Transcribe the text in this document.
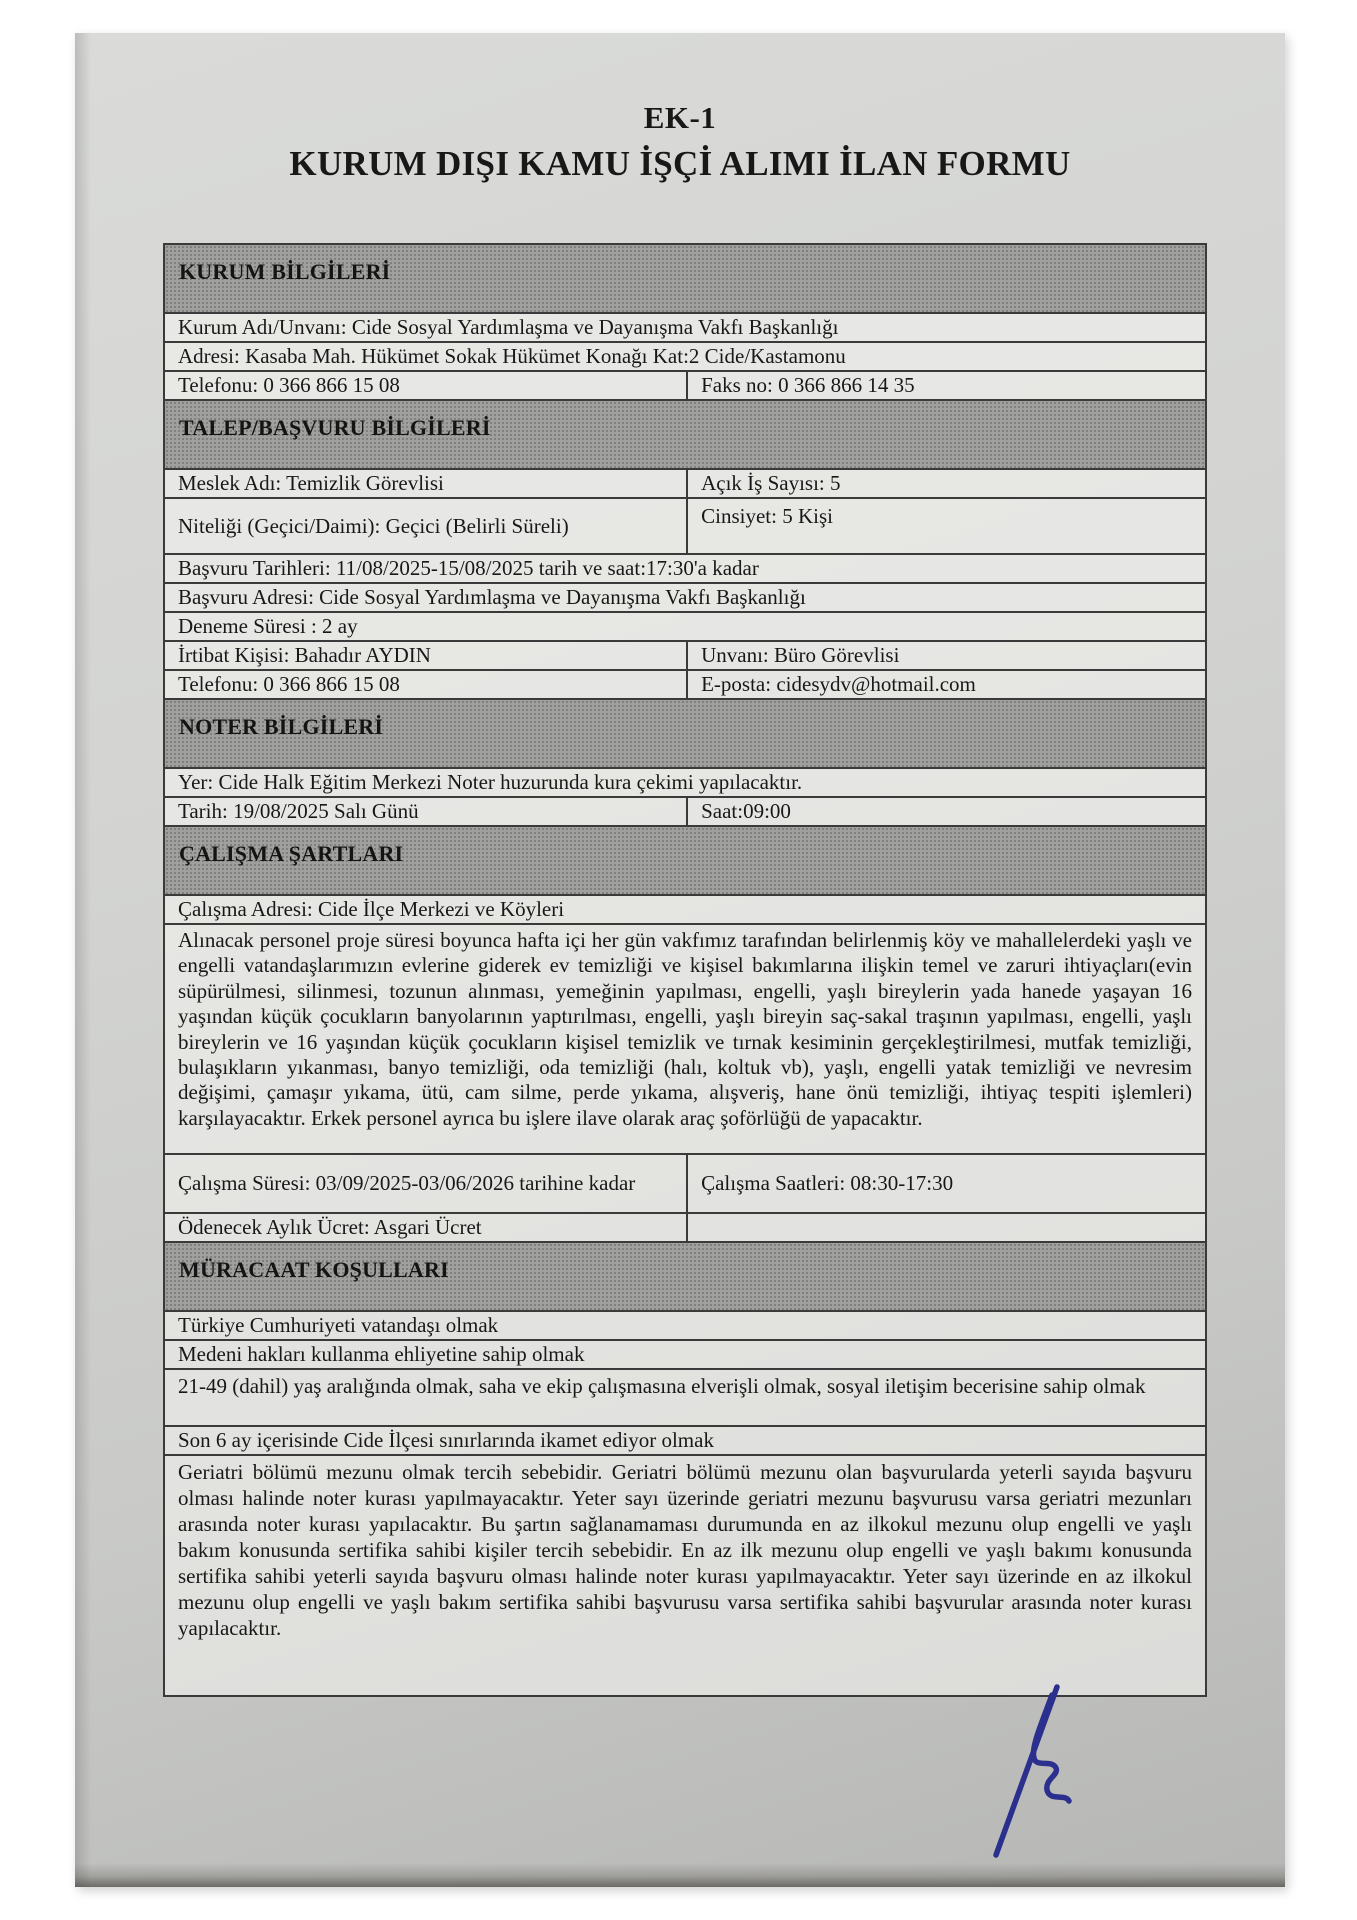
EK-1
KURUM DIŞI KAMU İŞÇİ ALIMI İLAN FORMU
KURUM BİLGİLERİ
Kurum Adı/Unvanı: Cide Sosyal Yardımlaşma ve Dayanışma Vakfı Başkanlığı
Adresi: Kasaba Mah. Hükümet Sokak Hükümet Konağı Kat:2 Cide/Kastamonu
Telefonu: 0 366 866 15 08	Faks no: 0 366 866 14 35
TALEP/BAŞVURU BİLGİLERİ
Meslek Adı: Temizlik Görevlisi	Açık İş Sayısı: 5
Niteliği (Geçici/Daimi): Geçici (Belirli Süreli)	Cinsiyet: 5 Kişi
Başvuru Tarihleri: 11/08/2025-15/08/2025 tarih ve saat:17:30'a kadar
Başvuru Adresi: Cide Sosyal Yardımlaşma ve Dayanışma Vakfı Başkanlığı
Deneme Süresi : 2 ay
İrtibat Kişisi: Bahadır AYDIN	Unvanı: Büro Görevlisi
Telefonu: 0 366 866 15 08	E-posta: cidesydv@hotmail.com
NOTER BİLGİLERİ
Yer: Cide Halk Eğitim Merkezi Noter huzurunda kura çekimi yapılacaktır.
Tarih: 19/08/2025 Salı Günü	Saat:09:00
ÇALIŞMA ŞARTLARI
Çalışma Adresi: Cide İlçe Merkezi ve Köyleri
Alınacak personel proje süresi boyunca hafta içi her gün vakfımız tarafından belirlenmiş köy ve mahallelerdeki yaşlı ve engelli vatandaşlarımızın evlerine giderek ev temizliği ve kişisel bakımlarına ilişkin temel ve zaruri ihtiyaçları(evin süpürülmesi, silinmesi, tozunun alınması, yemeğinin yapılması, engelli, yaşlı bireylerin yada hanede yaşayan 16 yaşından küçük çocukların banyolarının yaptırılması, engelli, yaşlı bireyin saç-sakal traşının yapılması, engelli, yaşlı bireylerin ve 16 yaşından küçük çocukların kişisel temizlik ve tırnak kesiminin gerçekleştirilmesi, mutfak temizliği, bulaşıkların yıkanması, banyo temizliği, oda temizliği (halı, koltuk vb), yaşlı, engelli yatak temizliği ve nevresim değişimi, çamaşır yıkama, ütü, cam silme, perde yıkama, alışveriş, hane önü temizliği, ihtiyaç tespiti işlemleri) karşılayacaktır. Erkek personel ayrıca bu işlere ilave olarak araç şoförlüğü de yapacaktır.
Çalışma Süresi: 03/09/2025-03/06/2026 tarihine kadar	Çalışma Saatleri: 08:30-17:30
Ödenecek Aylık Ücret: Asgari Ücret
MÜRACAAT KOŞULLARI
Türkiye Cumhuriyeti vatandaşı olmak
Medeni hakları kullanma ehliyetine sahip olmak
21-49 (dahil) yaş aralığında olmak, saha ve ekip çalışmasına elverişli olmak, sosyal iletişim becerisine sahip olmak
Son 6 ay içerisinde Cide İlçesi sınırlarında ikamet ediyor olmak
Geriatri bölümü mezunu olmak tercih sebebidir. Geriatri bölümü mezunu olan başvurularda yeterli sayıda başvuru olması halinde noter kurası yapılmayacaktır. Yeter sayı üzerinde geriatri mezunu başvurusu varsa geriatri mezunları arasında noter kurası yapılacaktır. Bu şartın sağlanamaması durumunda en az ilkokul mezunu olup engelli ve yaşlı bakım konusunda sertifika sahibi kişiler tercih sebebidir. En az ilk mezunu olup engelli ve yaşlı bakımı konusunda sertifika sahibi yeterli sayıda başvuru olması halinde noter kurası yapılmayacaktır. Yeter sayı üzerinde en az ilkokul mezunu olup engelli ve yaşlı bakım sertifika sahibi başvurusu varsa sertifika sahibi başvurular arasında noter kurası yapılacaktır.
